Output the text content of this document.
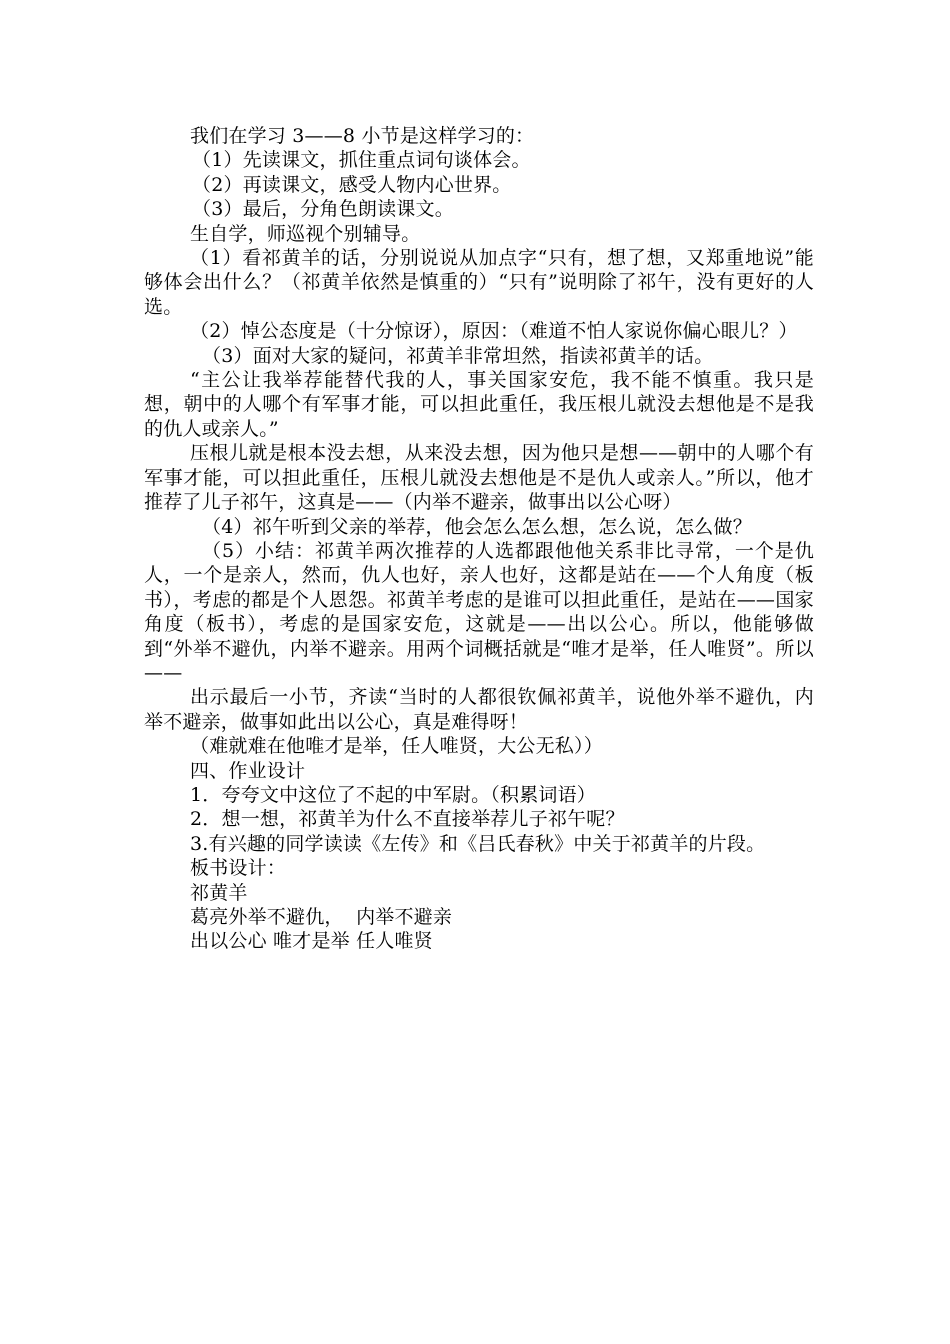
我们在学习 3——8 小节是这样学习的：

（1）先读课文，抓住重点词句谈体会。

（2）再读课文，感受人物内心世界。

（3）最后，分角色朗读课文。

生自学，师巡视个别辅导。

（1）看祁黄羊的话，分别说说从加点字“只有，想了想，又郑重地说”能够体会出什么？（祁黄羊依然是慎重的）“只有”说明除了祁午，没有更好的人选。

（2）悼公态度是（十分惊讶），原因：（难道不怕人家说你偏心眼儿？）

（3）面对大家的疑问，祁黄羊非常坦然，指读祁黄羊的话。

“主公让我举荐能替代我的人，事关国家安危，我不能不慎重。我只是想，朝中的人哪个有军事才能，可以担此重任，我压根儿就没去想他是不是我的仇人或亲人。”

压根儿就是根本没去想，从来没去想，因为他只是想——朝中的人哪个有军事才能，可以担此重任，压根儿就没去想他是不是仇人或亲人。”所以，他才推荐了儿子祁午，这真是——（内举不避亲，做事出以公心呀）

（4）祁午听到父亲的举荐，他会怎么怎么想，怎么说，怎么做？

（5）小结：祁黄羊两次推荐的人选都跟他他关系非比寻常，一个是仇人，一个是亲人，然而，仇人也好，亲人也好，这都是站在——个人角度（板书），考虑的都是个人恩怨。祁黄羊考虑的是谁可以担此重任，是站在——国家角度（板书），考虑的是国家安危，这就是——出以公心。所以，他能够做到“外举不避仇，内举不避亲。用两个词概括就是“唯才是举，任人唯贤”。所以——

出示最后一小节，齐读“当时的人都很钦佩祁黄羊，说他外举不避仇，内举不避亲，做事如此出以公心，真是难得呀！

（难就难在他唯才是举，任人唯贤，大公无私））

四、作业设计

1．夸夸文中这位了不起的中军尉。（积累词语）

2．想一想，祁黄羊为什么不直接举荐儿子祁午呢？

3.有兴趣的同学读读《左传》和《吕氏春秋》中关于祁黄羊的片段。

板书设计：

祁黄羊

葛亮外举不避仇，  内举不避亲

出以公心 唯才是举 任人唯贤
